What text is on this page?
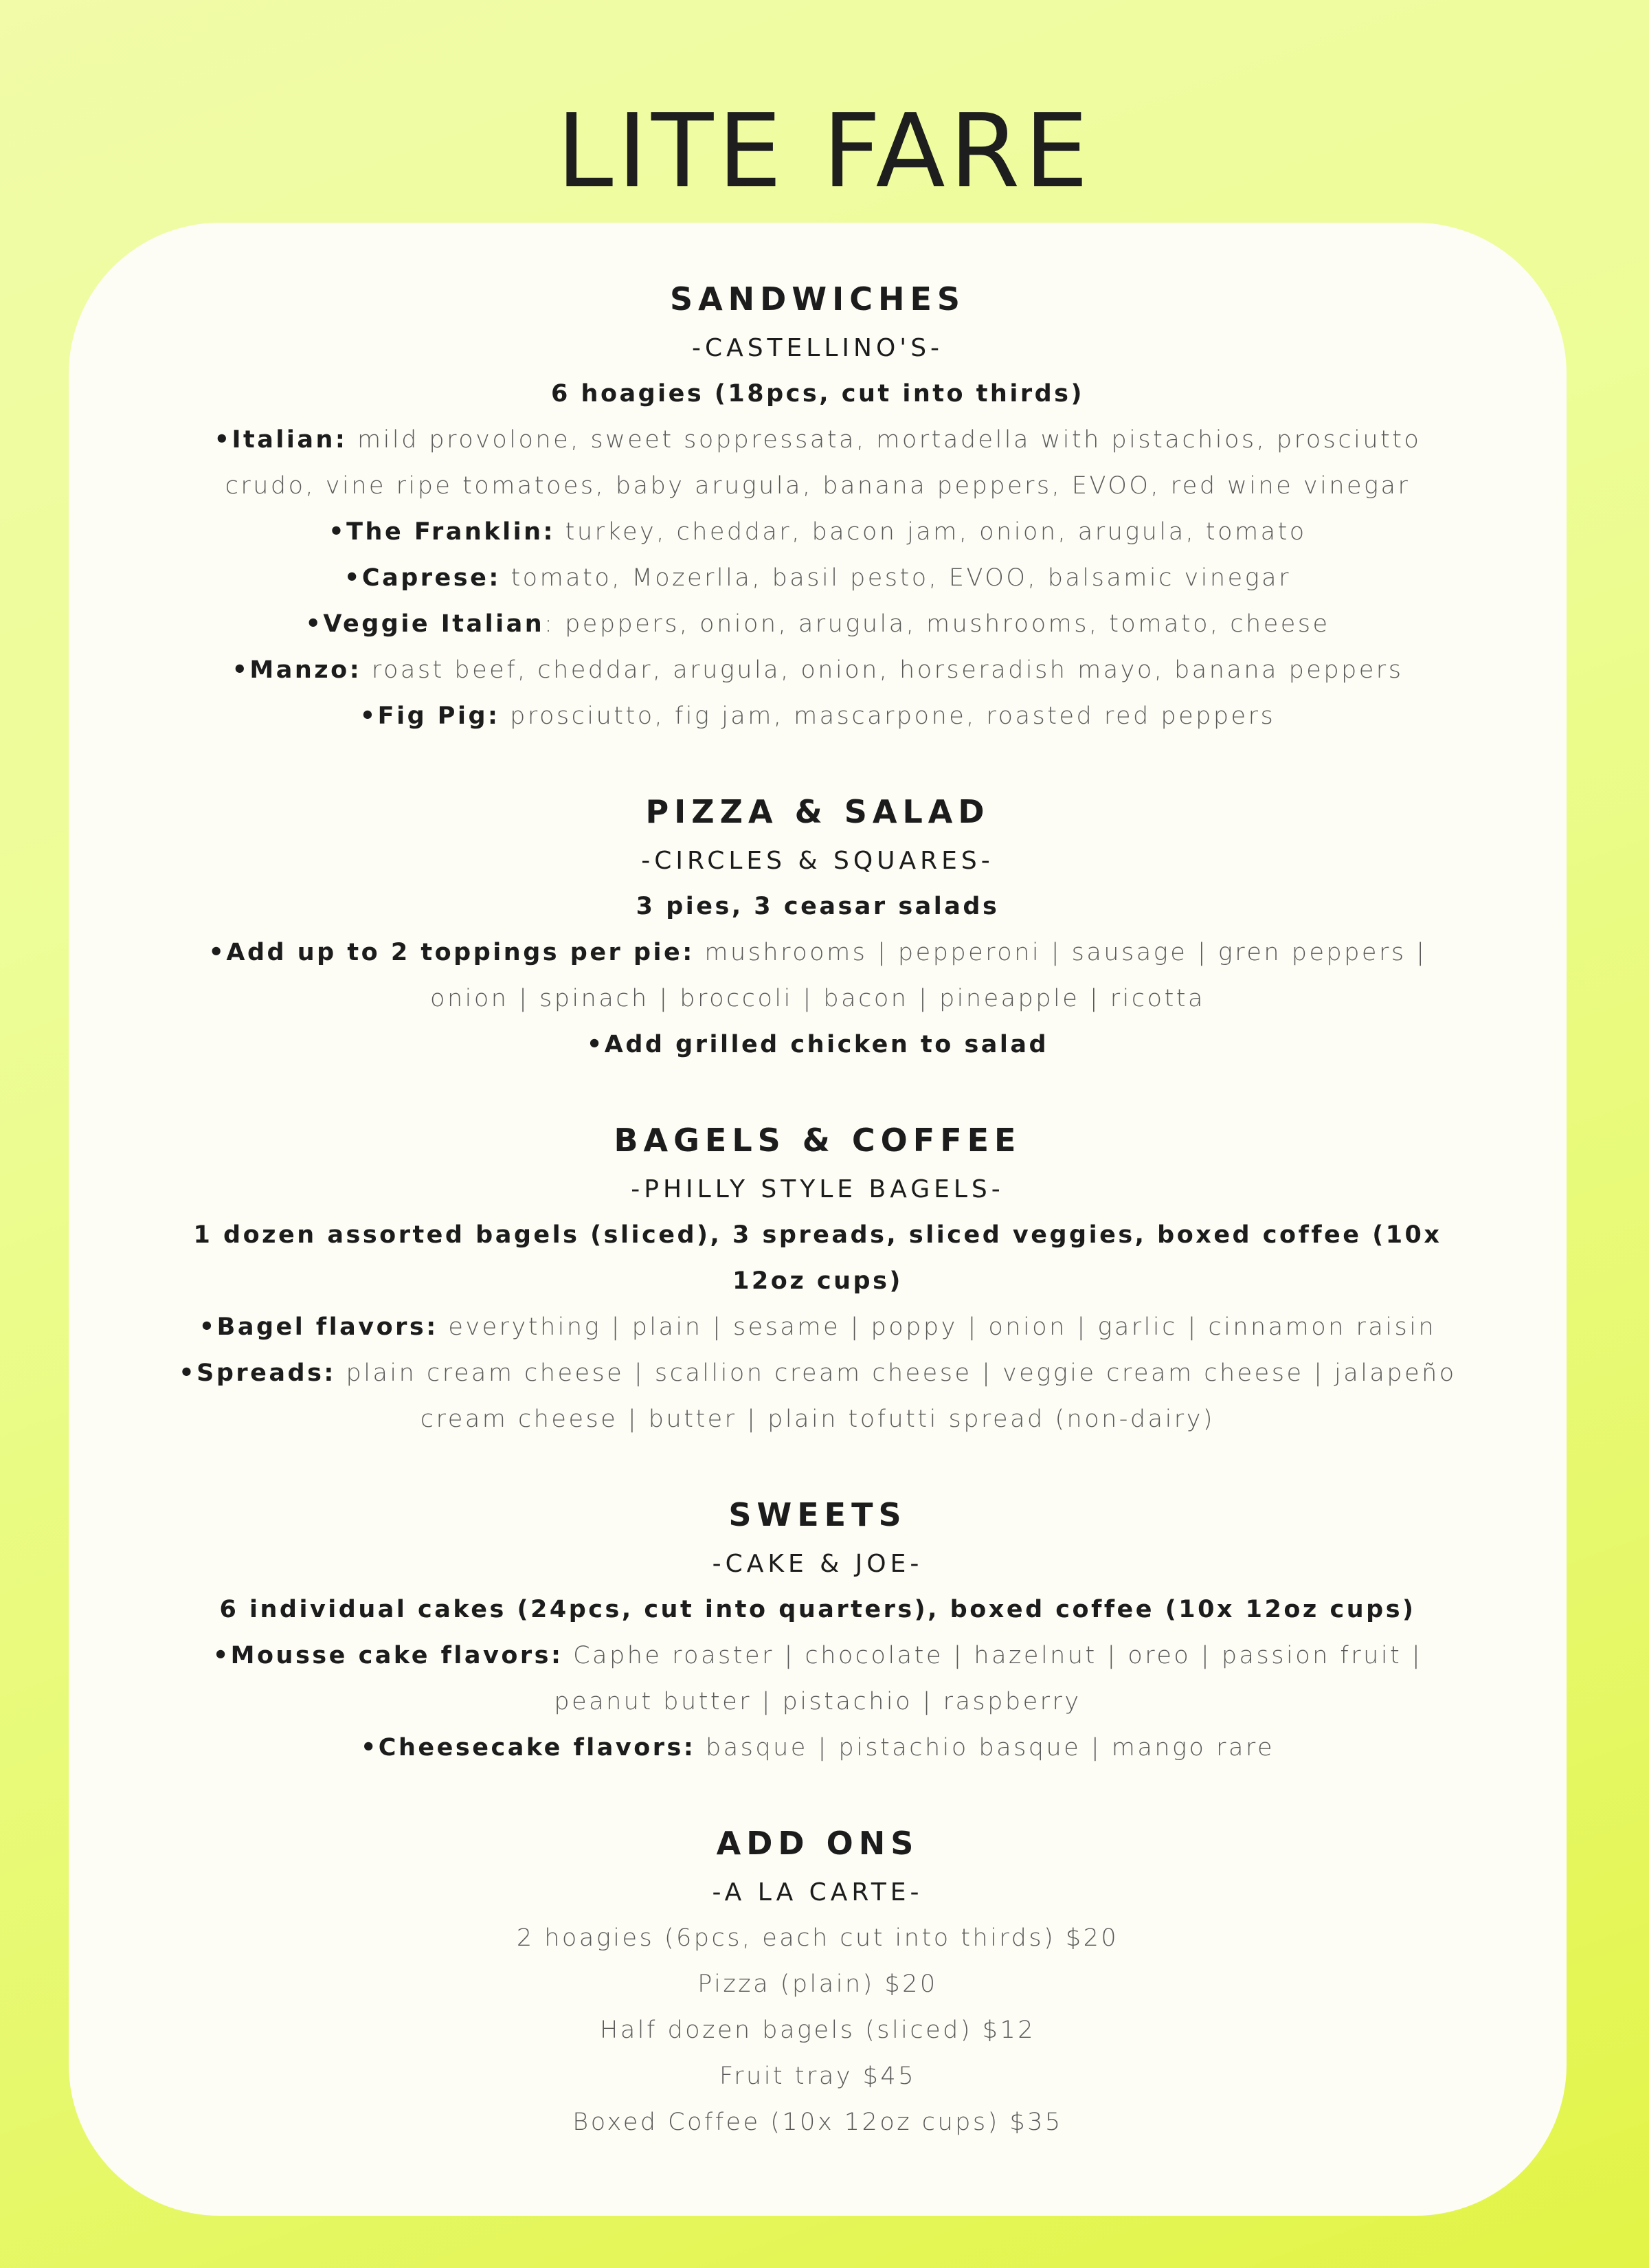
LITE FARE
SANDWICHES
-CASTELLINO'S-
6 hoagies (18pcs, cut into thirds)
•Italian: mild provolone, sweet soppressata, mortadella with pistachios, prosciutto crudo, vine ripe tomatoes, baby arugula, banana peppers, EVOO, red wine vinegar
•The Franklin: turkey, cheddar, bacon jam, onion, arugula, tomato
•Caprese: tomato, Mozerlla, basil pesto, EVOO, balsamic vinegar
•Veggie Italian: peppers, onion, arugula, mushrooms, tomato, cheese
•Manzo: roast beef, cheddar, arugula, onion, horseradish mayo, banana peppers
•Fig Pig: prosciutto, fig jam, mascarpone, roasted red peppers
PIZZA & SALAD
-CIRCLES & SQUARES-
3 pies, 3 ceasar salads
•Add up to 2 toppings per pie: mushrooms | pepperoni | sausage | gren peppers | onion | spinach | broccoli | bacon | pineapple | ricotta
•Add grilled chicken to salad
BAGELS & COFFEE
-PHILLY STYLE BAGELS-
1 dozen assorted bagels (sliced), 3 spreads, sliced veggies, boxed coffee (10x 12oz cups)
•Bagel flavors: everything | plain | sesame | poppy | onion | garlic | cinnamon raisin
•Spreads: plain cream cheese | scallion cream cheese | veggie cream cheese | jalapeño cream cheese | butter | plain tofutti spread (non-dairy)
SWEETS
-CAKE & JOE-
6 individual cakes (24pcs, cut into quarters), boxed coffee (10x 12oz cups)
•Mousse cake flavors: Caphe roaster | chocolate | hazelnut | oreo | passion fruit | peanut butter | pistachio | raspberry
•Cheesecake flavors: basque | pistachio basque | mango rare
ADD ONS
-A LA CARTE-
2 hoagies (6pcs, each cut into thirds) $20
Pizza (plain) $20
Half dozen bagels (sliced) $12
Fruit tray $45
Boxed Coffee (10x 12oz cups) $35
